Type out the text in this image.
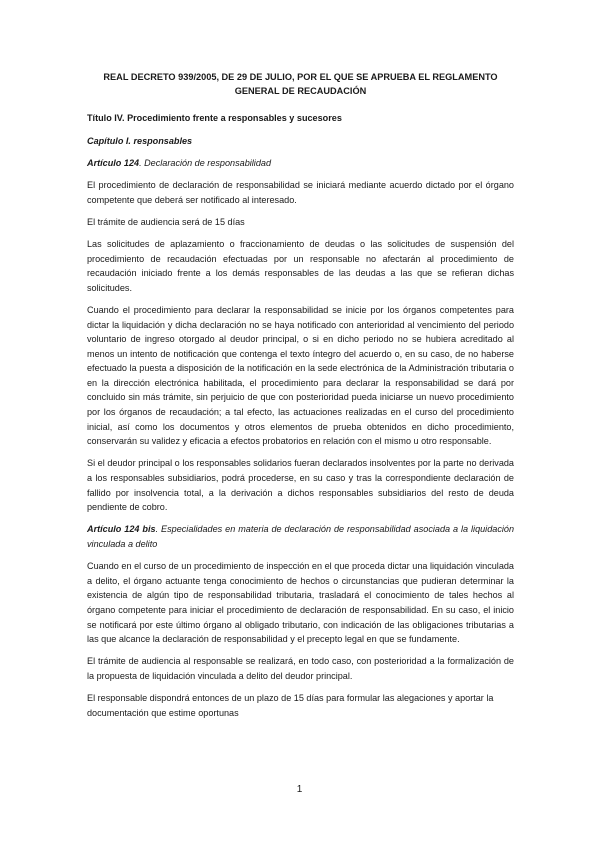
REAL DECRETO 939/2005, DE 29 DE JULIO, POR EL QUE SE APRUEBA EL REGLAMENTO GENERAL DE RECAUDACIÓN

Título IV. Procedimiento frente a responsables y sucesores

Capítulo I. responsables

Artículo 124. Declaración de responsabilidad

El procedimiento de declaración de responsabilidad se iniciará mediante acuerdo dictado por el órgano competente que deberá ser notificado al interesado.

El trámite de audiencia será de 15 días

Las solicitudes de aplazamiento o fraccionamiento de deudas o las solicitudes de suspensión del procedimiento de recaudación efectuadas por un responsable no afectarán al procedimiento de recaudación iniciado frente a los demás responsables de las deudas a las que se refieran dichas solicitudes.

Cuando el procedimiento para declarar la responsabilidad se inicie por los órganos competentes para dictar la liquidación y dicha declaración no se haya notificado con anterioridad al vencimiento del periodo voluntario de ingreso otorgado al deudor principal, o si en dicho periodo no se hubiera acreditado al menos un intento de notificación que contenga el texto íntegro del acuerdo o, en su caso, de no haberse efectuado la puesta a disposición de la notificación en la sede electrónica de la Administración tributaria o en la dirección electrónica habilitada, el procedimiento para declarar la responsabilidad se dará por concluido sin más trámite, sin perjuicio de que con posterioridad pueda iniciarse un nuevo procedimiento por los órganos de recaudación; a tal efecto, las actuaciones realizadas en el curso del procedimiento inicial, así como los documentos y otros elementos de prueba obtenidos en dicho procedimiento, conservarán su validez y eficacia a efectos probatorios en relación con el mismo u otro responsable.

Si el deudor principal o los responsables solidarios fueran declarados insolventes por la parte no derivada a los responsables subsidiarios, podrá procederse, en su caso y tras la correspondiente declaración de fallido por insolvencia total, a la derivación a dichos responsables subsidiarios del resto de deuda pendiente de cobro.

Artículo 124 bis. Especialidades en materia de declaración de responsabilidad asociada a la liquidación vinculada a delito

Cuando en el curso de un procedimiento de inspección en el que proceda dictar una liquidación vinculada a delito, el órgano actuante tenga conocimiento de hechos o circunstancias que pudieran determinar la existencia de algún tipo de responsabilidad tributaria, trasladará el conocimiento de tales hechos al órgano competente para iniciar el procedimiento de declaración de responsabilidad. En su caso, el inicio se notificará por este último órgano al obligado tributario, con indicación de las obligaciones tributarias a las que alcance la declaración de responsabilidad y el precepto legal en que se fundamente.

El trámite de audiencia al responsable se realizará, en todo caso, con posterioridad a la formalización de la propuesta de liquidación vinculada a delito del deudor principal.

El responsable dispondrá entonces de un plazo de 15 días para formular las alegaciones y aportar la documentación que estime oportunas

1
